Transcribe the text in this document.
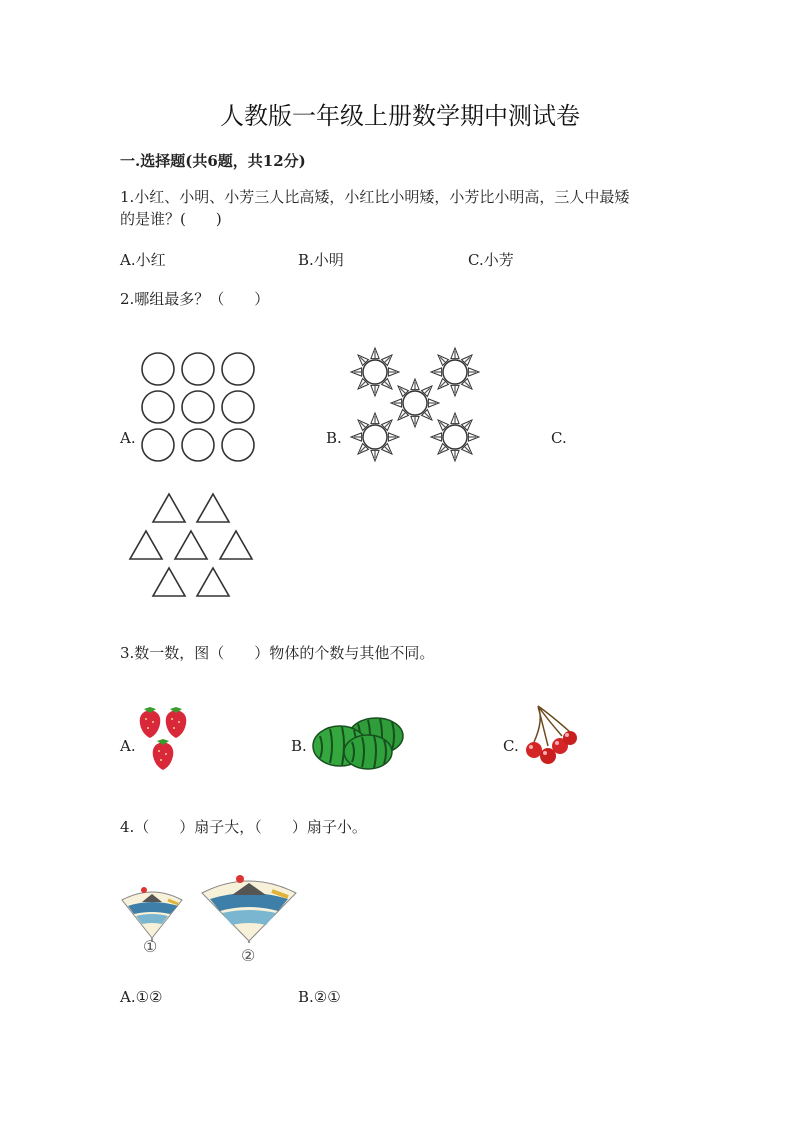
人教版一年级上册数学期中测试卷
一.选择题(共6题，共12分)
1.小红、小明、小芳三人比高矮，小红比小明矮，小芳比小明高，三人中最矮
的是谁？(　　)
A.小红	B.小明	C.小芳
2.哪组最多？（　　）
A.	B.	C.
3.数一数，图（　　）物体的个数与其他不同。
A.	B.	C.
4.（　　）扇子大，（　　）扇子小。
①	②
A.①②	B.②①
